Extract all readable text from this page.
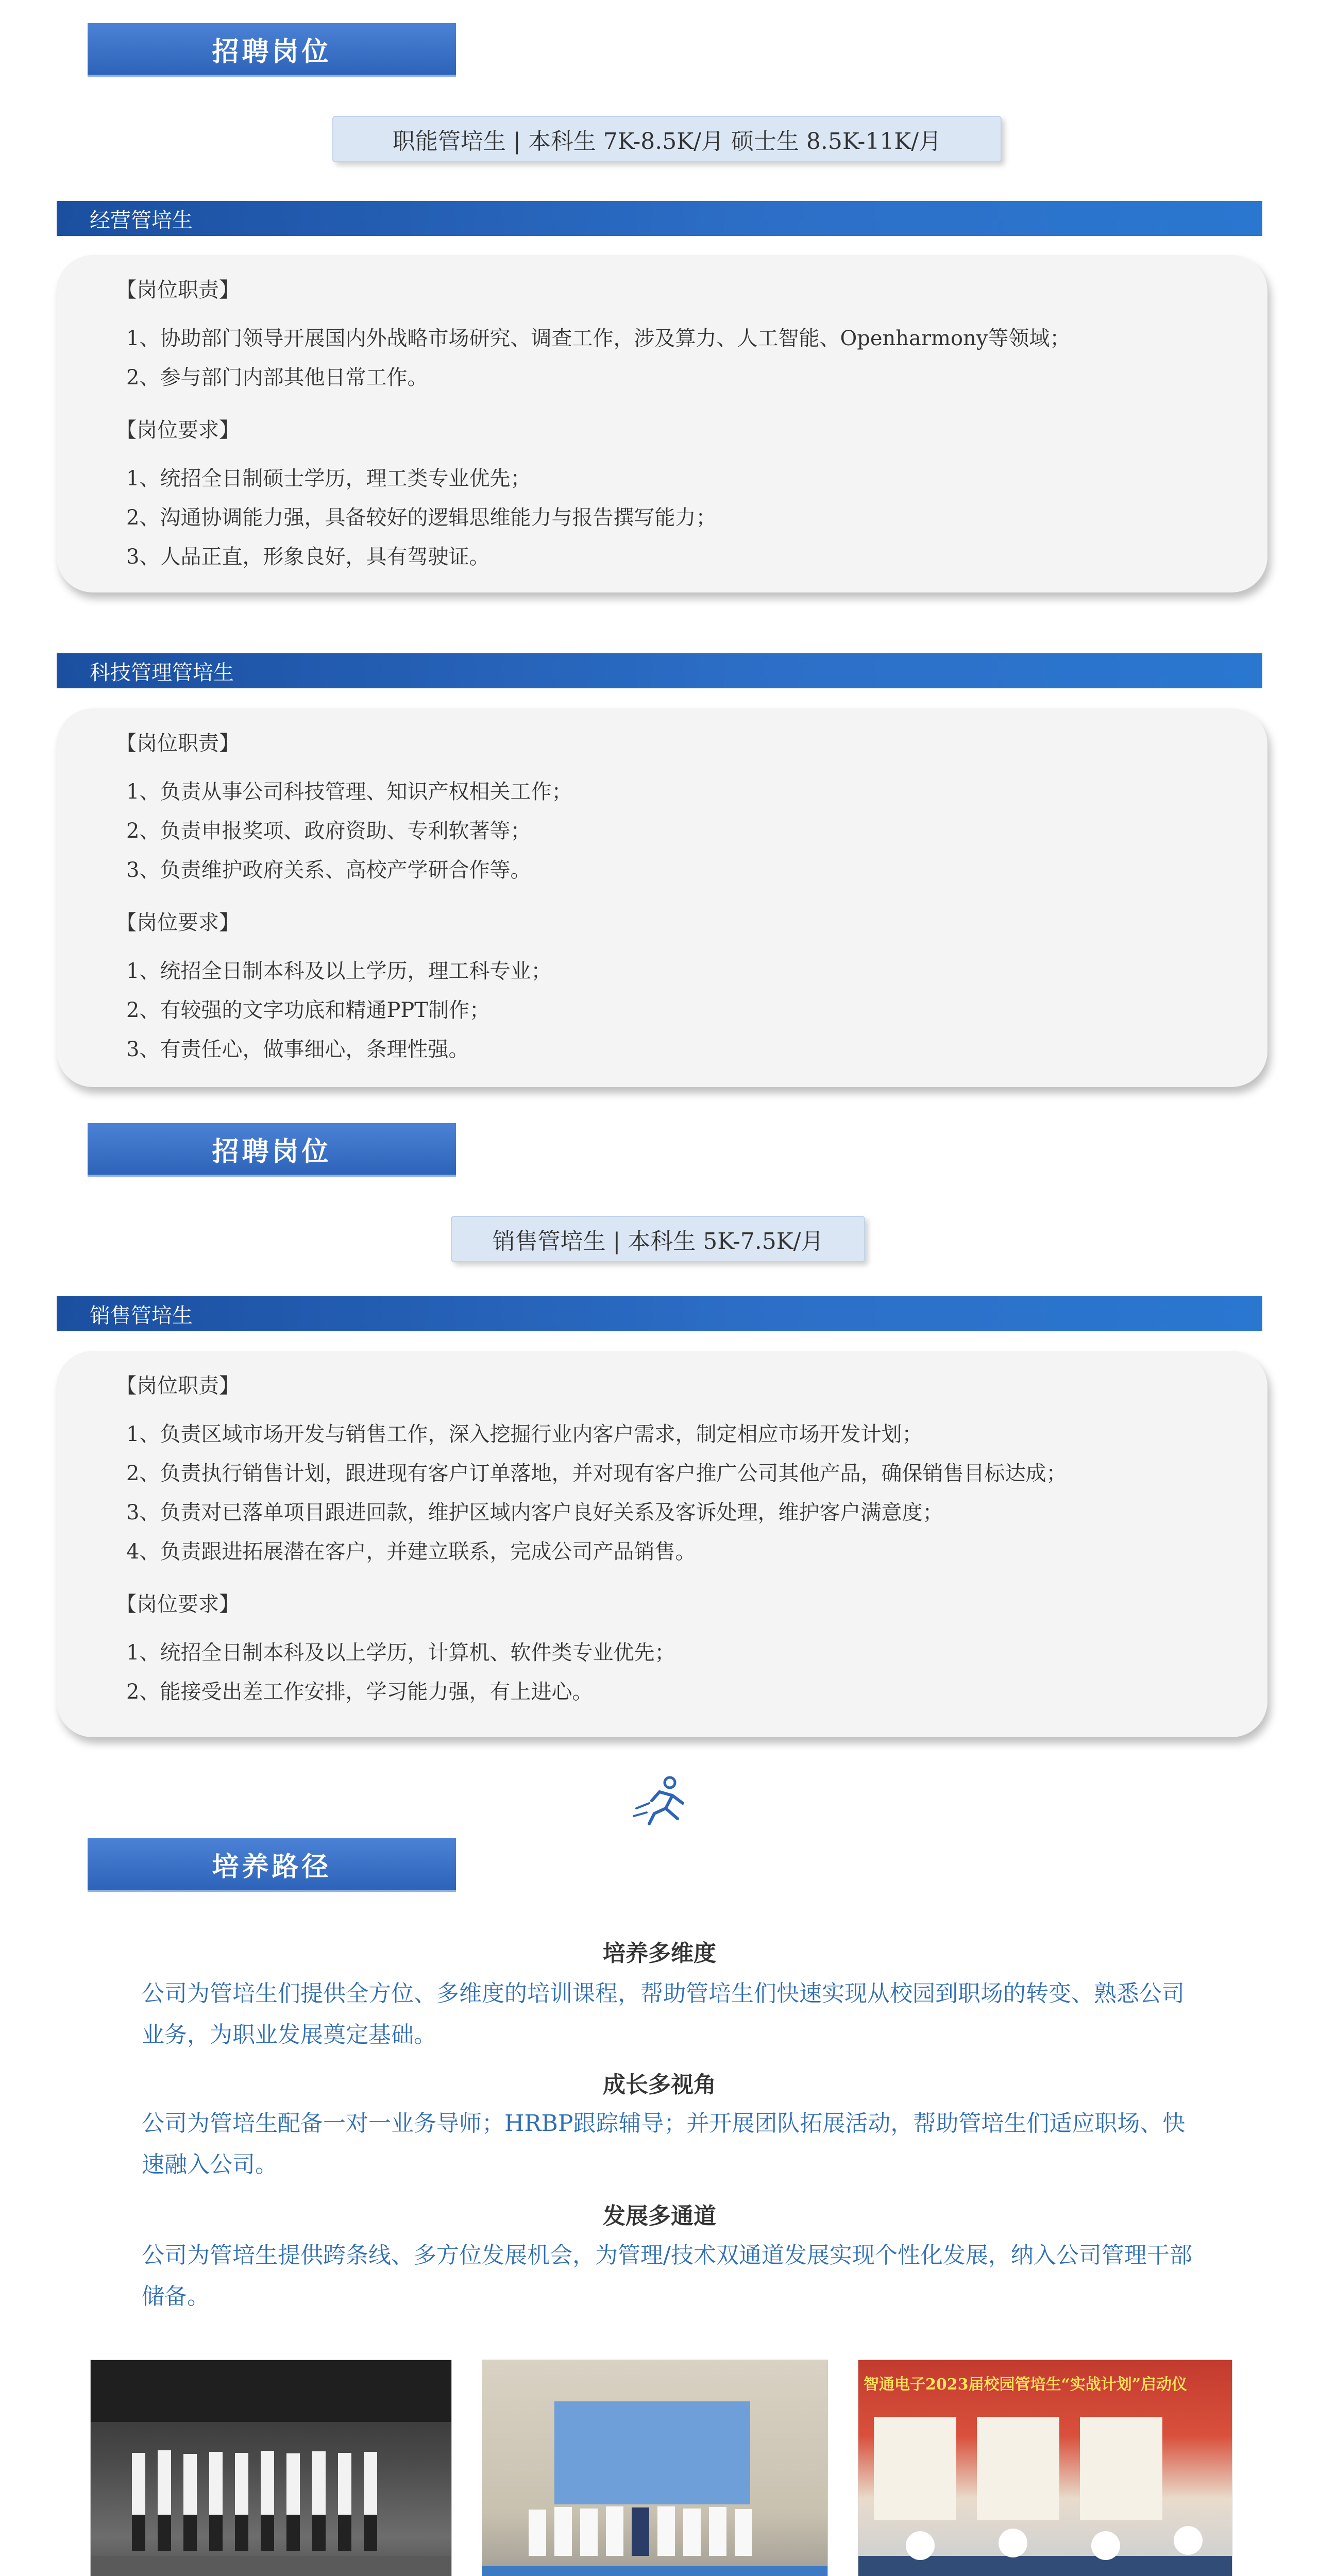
招聘岗位
职能管培生 | 本科生 7K-8.5K/月 硕士生 8.5K-11K/月
经营管培生
【岗位职责】
1、协助部门领导开展国内外战略市场研究、调查工作，涉及算力、人工智能、Openharmony等领域；
2、参与部门内部其他日常工作。
【岗位要求】
1、统招全日制硕士学历，理工类专业优先；
2、沟通协调能力强，具备较好的逻辑思维能力与报告撰写能力；
3、人品正直，形象良好，具有驾驶证。
科技管理管培生
【岗位职责】
1、负责从事公司科技管理、知识产权相关工作；
2、负责申报奖项、政府资助、专利软著等；
3、负责维护政府关系、高校产学研合作等。
【岗位要求】
1、统招全日制本科及以上学历，理工科专业；
2、有较强的文字功底和精通PPT制作；
3、有责任心，做事细心，条理性强。
招聘岗位
销售管培生 | 本科生 5K-7.5K/月
销售管培生
【岗位职责】
1、负责区域市场开发与销售工作，深入挖掘行业内客户需求，制定相应市场开发计划；
2、负责执行销售计划，跟进现有客户订单落地，并对现有客户推广公司其他产品，确保销售目标达成；
3、负责对已落单项目跟进回款，维护区域内客户良好关系及客诉处理，维护客户满意度；
4、负责跟进拓展潜在客户，并建立联系，完成公司产品销售。
【岗位要求】
1、统招全日制本科及以上学历，计算机、软件类专业优先；
2、能接受出差工作安排，学习能力强，有上进心。
培养路径
培养多维度
公司为管培生们提供全方位、多维度的培训课程，帮助管培生们快速实现从校园到职场的转变、熟悉公司业务，为职业发展奠定基础。
成长多视角
公司为管培生配备一对一业务导师；HRBP跟踪辅导；并开展团队拓展活动，帮助管培生们适应职场、快速融入公司。
发展多通道
公司为管培生提供跨条线、多方位发展机会，为管理/技术双通道发展实现个性化发展，纳入公司管理干部储备。
智通电子2023届校园管培生“实战计划”启动仪
